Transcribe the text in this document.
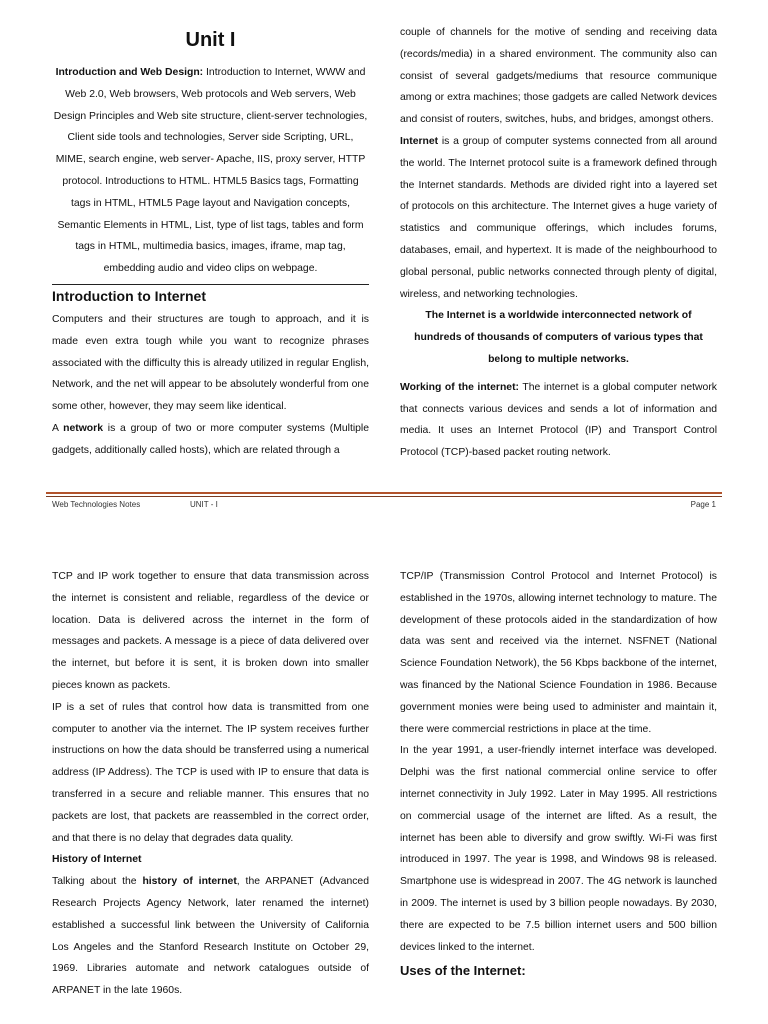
Unit I

Introduction and Web Design: Introduction to Internet, WWW and Web 2.0, Web browsers, Web protocols and Web servers, Web Design Principles and Web site structure, client-server technologies, Client side tools and technologies, Server side Scripting, URL, MIME, search engine, web server- Apache, IIS, proxy server, HTTP protocol. Introductions to HTML. HTML5 Basics tags, Formatting tags in HTML, HTML5 Page layout and Navigation concepts, Semantic Elements in HTML, List, type of list tags, tables and form tags in HTML, multimedia basics, images, iframe, map tag, embedding audio and video clips on webpage.

Introduction to Internet

Computers and their structures are tough to approach, and it is made even extra tough while you want to recognize phrases associated with the difficulty this is already utilized in regular English, Network, and the net will appear to be absolutely wonderful from one some other, however, they may seem like identical.

A network is a group of two or more computer systems (Multiple gadgets, additionally called hosts), which are related through a

couple of channels for the motive of sending and receiving data (records/media) in a shared environment. The community also can consist of several gadgets/mediums that resource communique among or extra machines; those gadgets are called Network devices and consist of routers, switches, hubs, and bridges, amongst others.

Internet is a group of computer systems connected from all around the world. The Internet protocol suite is a framework defined through the Internet standards. Methods are divided right into a layered set of protocols on this architecture. The Internet gives a huge variety of statistics and communique offerings, which includes forums, databases, email, and hypertext. It is made of the neighbourhood to global personal, public networks connected through plenty of digital, wireless, and networking technologies.

The Internet is a worldwide interconnected network of hundreds of thousands of computers of various types that belong to multiple networks.

Working of the internet: The internet is a global computer network that connects various devices and sends a lot of information and media. It uses an Internet Protocol (IP) and Transport Control Protocol (TCP)-based packet routing network.

Web Technologies Notes	UNIT - I	Page 1

TCP and IP work together to ensure that data transmission across the internet is consistent and reliable, regardless of the device or location. Data is delivered across the internet in the form of messages and packets. A message is a piece of data delivered over the internet, but before it is sent, it is broken down into smaller pieces known as packets.

IP is a set of rules that control how data is transmitted from one computer to another via the internet. The IP system receives further instructions on how the data should be transferred using a numerical address (IP Address). The TCP is used with IP to ensure that data is transferred in a secure and reliable manner. This ensures that no packets are lost, that packets are reassembled in the correct order, and that there is no delay that degrades data quality.

History of Internet

Talking about the history of internet, the ARPANET (Advanced Research Projects Agency Network, later renamed the internet) established a successful link between the University of California Los Angeles and the Stanford Research Institute on October 29, 1969. Libraries automate and network catalogues outside of ARPANET in the late 1960s.

TCP/IP (Transmission Control Protocol and Internet Protocol) is established in the 1970s, allowing internet technology to mature. The development of these protocols aided in the standardization of how data was sent and received via the internet. NSFNET (National Science Foundation Network), the 56 Kbps backbone of the internet, was financed by the National Science Foundation in 1986. Because government monies were being used to administer and maintain it, there were commercial restrictions in place at the time.

In the year 1991, a user-friendly internet interface was developed. Delphi was the first national commercial online service to offer internet connectivity in July 1992. Later in May 1995. All restrictions on commercial usage of the internet are lifted. As a result, the internet has been able to diversify and grow swiftly. Wi-Fi was first introduced in 1997. The year is 1998, and Windows 98 is released. Smartphone use is widespread in 2007. The 4G network is launched in 2009. The internet is used by 3 billion people nowadays. By 2030, there are expected to be 7.5 billion internet users and 500 billion devices linked to the internet.

Uses of the Internet:
